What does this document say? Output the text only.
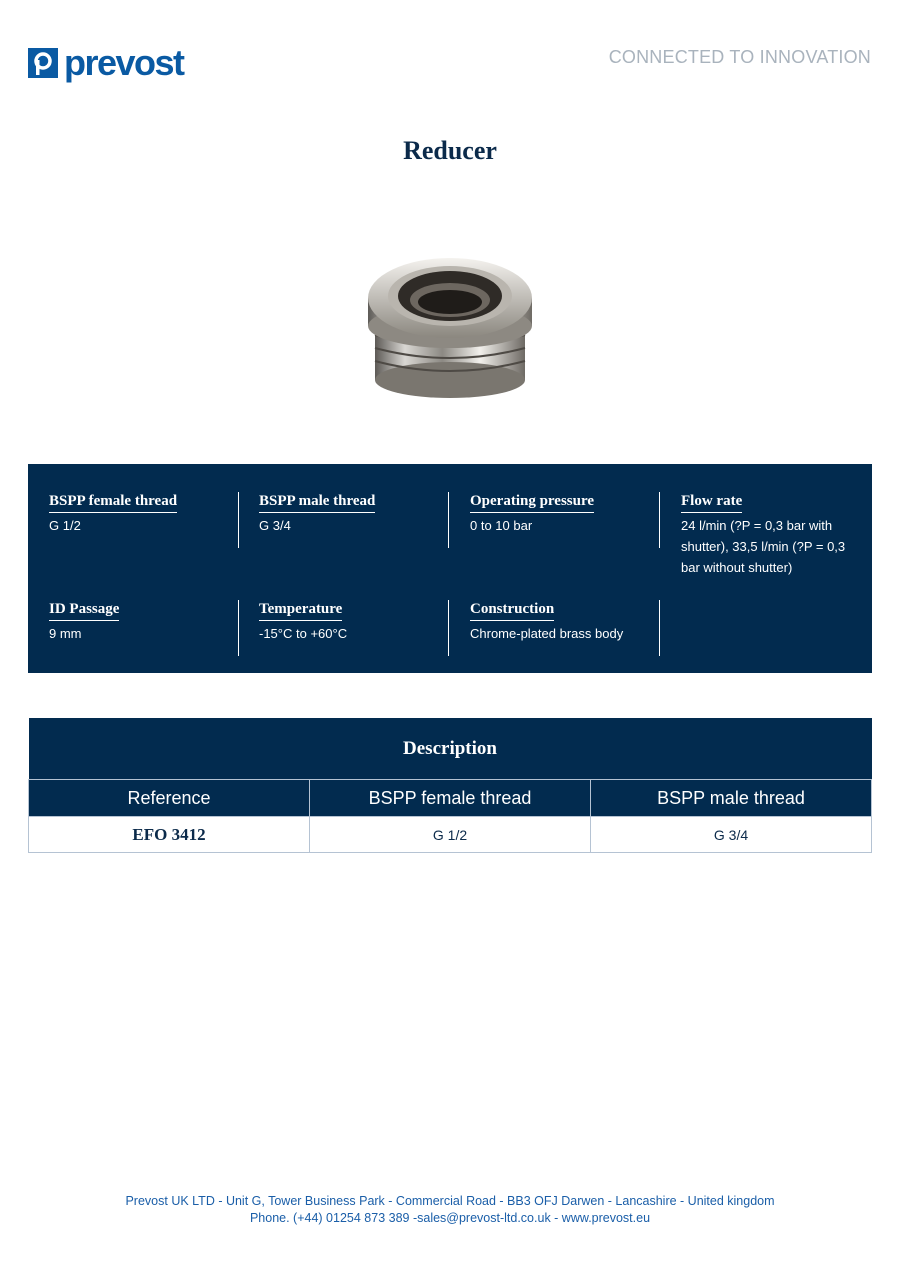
prevost	CONNECTED TO INNOVATION
Reducer
BSPP female thread
G 1/2
BSPP male thread
G 3/4
Operating pressure
0 to 10 bar
Flow rate
24 l/min (?P = 0,3 bar with shutter), 33,5 l/min (?P = 0,3 bar without shutter)
ID Passage
9 mm
Temperature
-15°C to +60°C
Construction
Chrome-plated brass body
Description		
Reference	BSPP female thread	BSPP male thread
EFO 3412	G 1/2	G 3/4
Prevost UK LTD - Unit G, Tower Business Park - Commercial Road - BB3 OFJ Darwen - Lancashire - United kingdom
Phone. (+44) 01254 873 389 -sales@prevost-ltd.co.uk - www.prevost.eu
